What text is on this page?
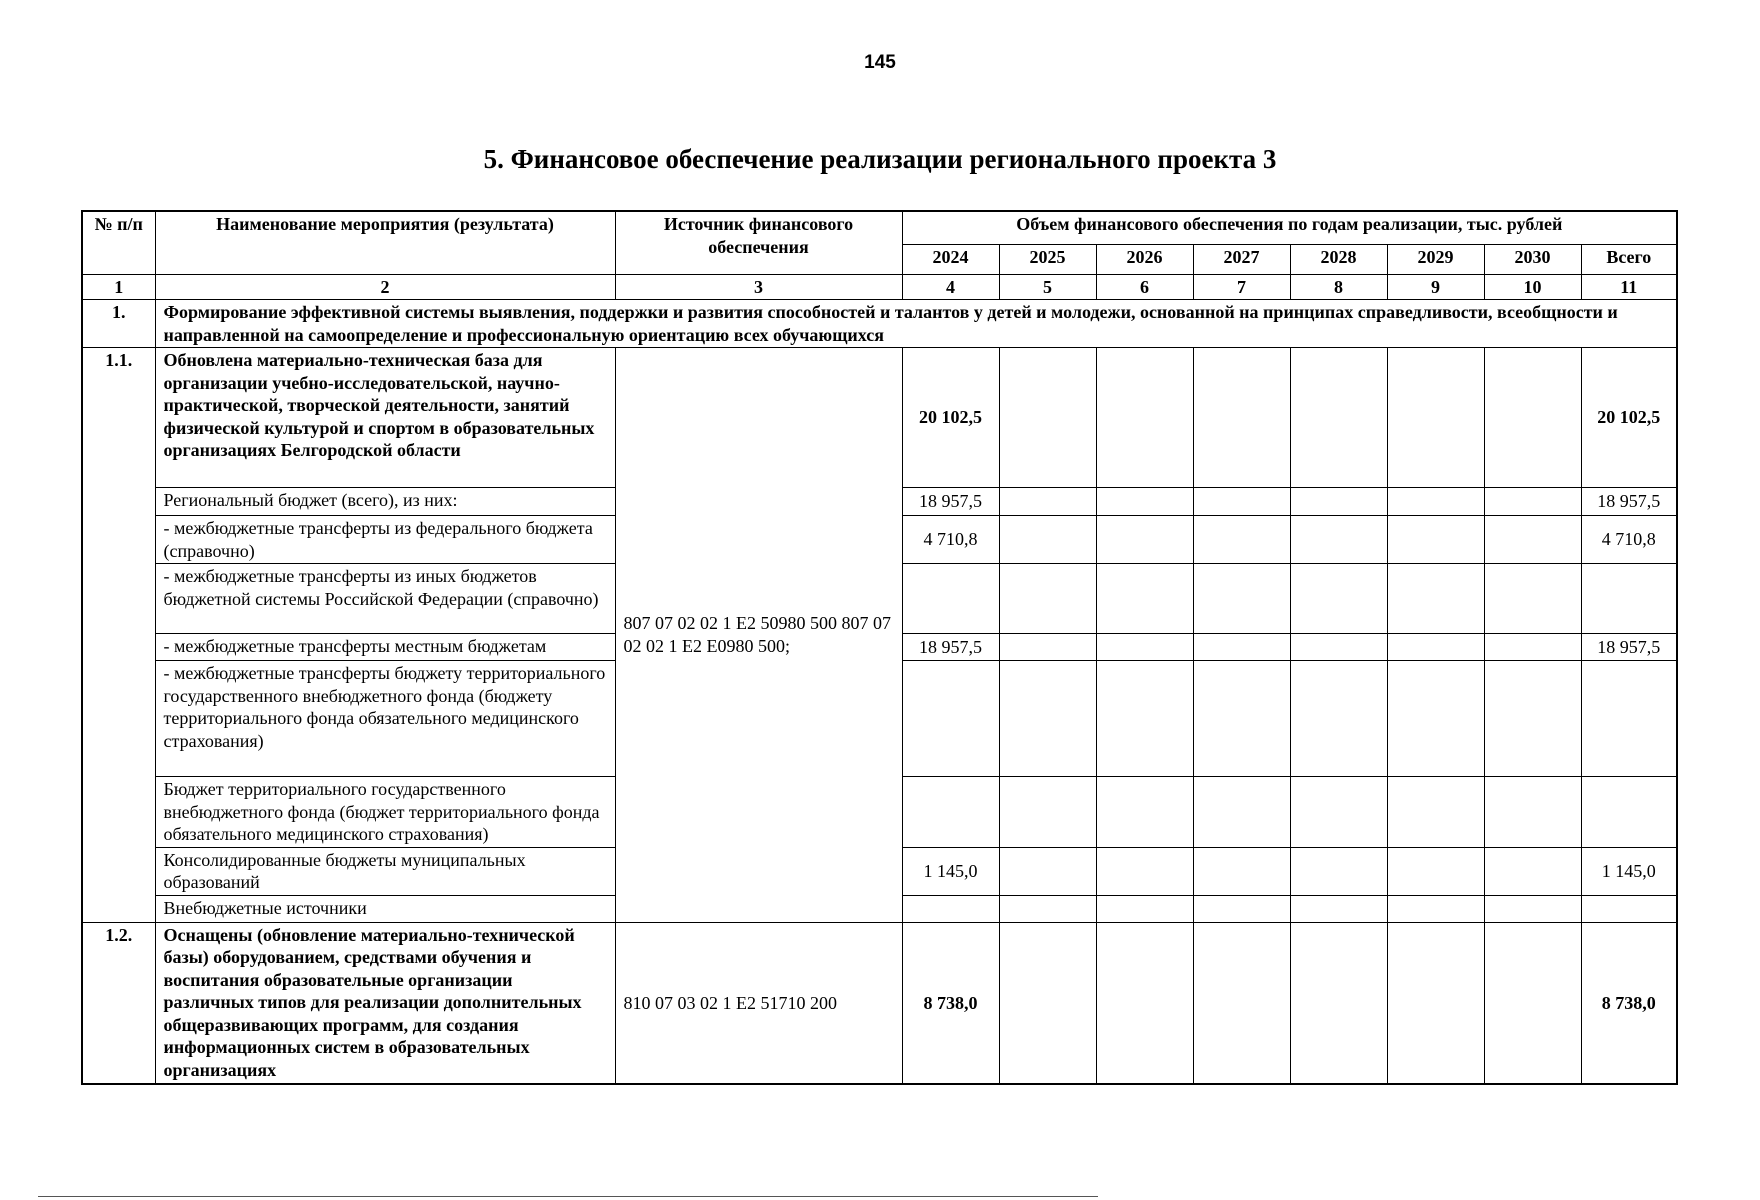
145
5. Финансовое обеспечение реализации регионального проекта 3
№ п/п	Наименование мероприятия (результата)	Источник финансового обеспечения	Объем финансового обеспечения по годам реализации, тыс. рублей							
			2024	2025	2026	2027	2028	2029	2030	Всего
1	2	3	4	5	6	7	8	9	10	11
1.	Формирование эффективной системы выявления, поддержки и развития способностей и талантов у детей и молодежи, основанной на принципах справедливости, всеобщности и направленной на самоопределение и профессиональную ориентацию всех обучающихся									
1.1.	Обновлена материально-техническая база для организации учебно-исследовательской, научно-практической, творческой деятельности, занятий физической культурой и спортом в образовательных организациях Белгородской области	807 07 02 02 1 E2 50980 500 807 07 02 02 1 E2 E0980 500;	20 102,5							20 102,5
	Региональный бюджет (всего), из них:		18 957,5							18 957,5
	- межбюджетные трансферты из федерального бюджета (справочно)		4 710,8							4 710,8
	- межбюджетные трансферты из иных бюджетов бюджетной системы Российской Федерации (справочно)									
	- межбюджетные трансферты местным бюджетам		18 957,5							18 957,5
	- межбюджетные трансферты бюджету территориального государственного внебюджетного фонда (бюджету территориального фонда обязательного медицинского страхования)									
	Бюджет территориального государственного внебюджетного фонда (бюджет территориального фонда обязательного медицинского страхования)									
	Консолидированные бюджеты муниципальных образований		1 145,0							1 145,0
	Внебюджетные источники									
1.2.	Оснащены (обновление материально-технической базы) оборудованием, средствами обучения и воспитания образовательные организации различных типов для реализации дополнительных общеразвивающих программ, для создания информационных систем в образовательных организациях	810 07 03 02 1 E2 51710 200	8 738,0							8 738,0
